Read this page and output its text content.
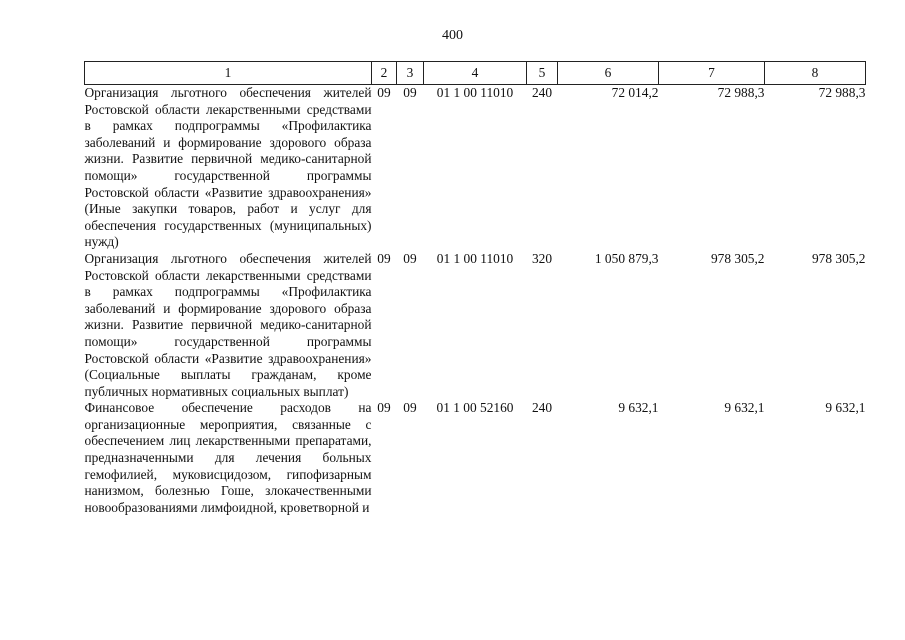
400
1	2	3	4	5	6	7	8
Организация льготного обеспечения жителей Ростовской области лекарственными средствами в рамках подпрограммы «Профилактика заболеваний и формирование здорового образа жизни. Развитие первичной медико-санитарной помощи» государственной программы Ростовской области «Развитие здравоохранения» (Иные закупки товаров, работ и услуг для обеспечения государственных (муниципальных) нужд)	09	09	01 1 00 11010	240	72 014,2	72 988,3	72 988,3
Организация льготного обеспечения жителей Ростовской области лекарственными средствами в рамках подпрограммы «Профилактика заболеваний и формирование здорового образа жизни. Развитие первичной медико-санитарной помощи» государственной программы Ростовской области «Развитие здравоохранения» (Социальные выплаты гражданам, кроме публичных нормативных социальных выплат)	09	09	01 1 00 11010	320	1 050 879,3	978 305,2	978 305,2
Финансовое обеспечение расходов на организационные мероприятия, связанные с обеспечением лиц лекарственными препаратами, предназначенными для лечения больных гемофилией, муковисцидозом, гипофизарным нанизмом, болезнью Гоше, злокачественными новообразованиями лимфоидной, кроветворной и	09	09	01 1 00 52160	240	9 632,1	9 632,1	9 632,1
